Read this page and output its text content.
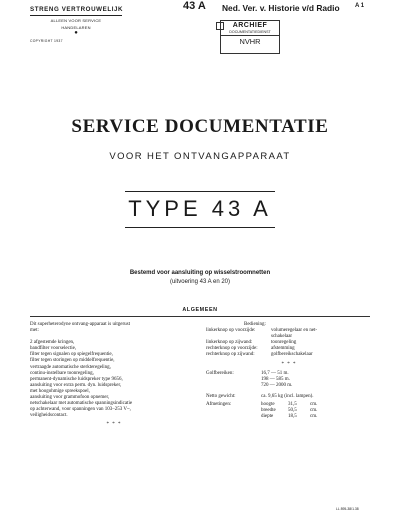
STRENG VERTROUWELIJK
ALLEEN VOOR SERVICE
HANDELAREN
●
COPYRIGHT 1937
43 A Ned. Ver. v. Historie v/d Radio	A 1
ARCHIEF
DOCUMENTATIEDIENST
NVHR
SERVICE DOCUMENTATIE
VOOR HET ONTVANGAPPARAAT
TYPE 43 A
Bestemd voor aansluiting op wisselstroomnetten
(uitvoering 43 A en 20)
ALGEMEEN

Dit superheterodyne ontvang-apparaat is uitgerust

met:

2 afgestemde kringen,

bandfilter voorselectie,

filter tegen signalen op spiegelfrequentie,

filter tegen storingen op middelfrequentie,

vertraagde automatische sterkteregeling,

continu-instelbare toonregeling,

permanent-dynamische luidspreker type 9656,

aansluiting voor extra perm. dyn. luidspreker,

met hoogohmige spreekspoel,

aansluiting voor grammofoon opnemer,

netschakelaar met automatische spanningsindicatie

op achterwand, voor spanningen van 103–253 V~,

veiligheidscontact.

* * *

Bediening:

linkerknop op voorzijde:	volumeregelaar en net-
schakelaar
linkerknop op zijwand:	toonregeling
rechterknop op voorzijde:	afstemming
rechterknop op zijwand:	golfbereikschakelaar
* * *
Golfbereiken:	16,7 — 51 m.
198 — 585 m.
720 — 2000 m.
Netto gewicht:	ca. 9,65 kg (incl. lampen).
Afmetingen:	hoogte	31,5	cm.
breedte	50,5	cm.
diepte	18,5	cm.
LL 895-38/1.38
